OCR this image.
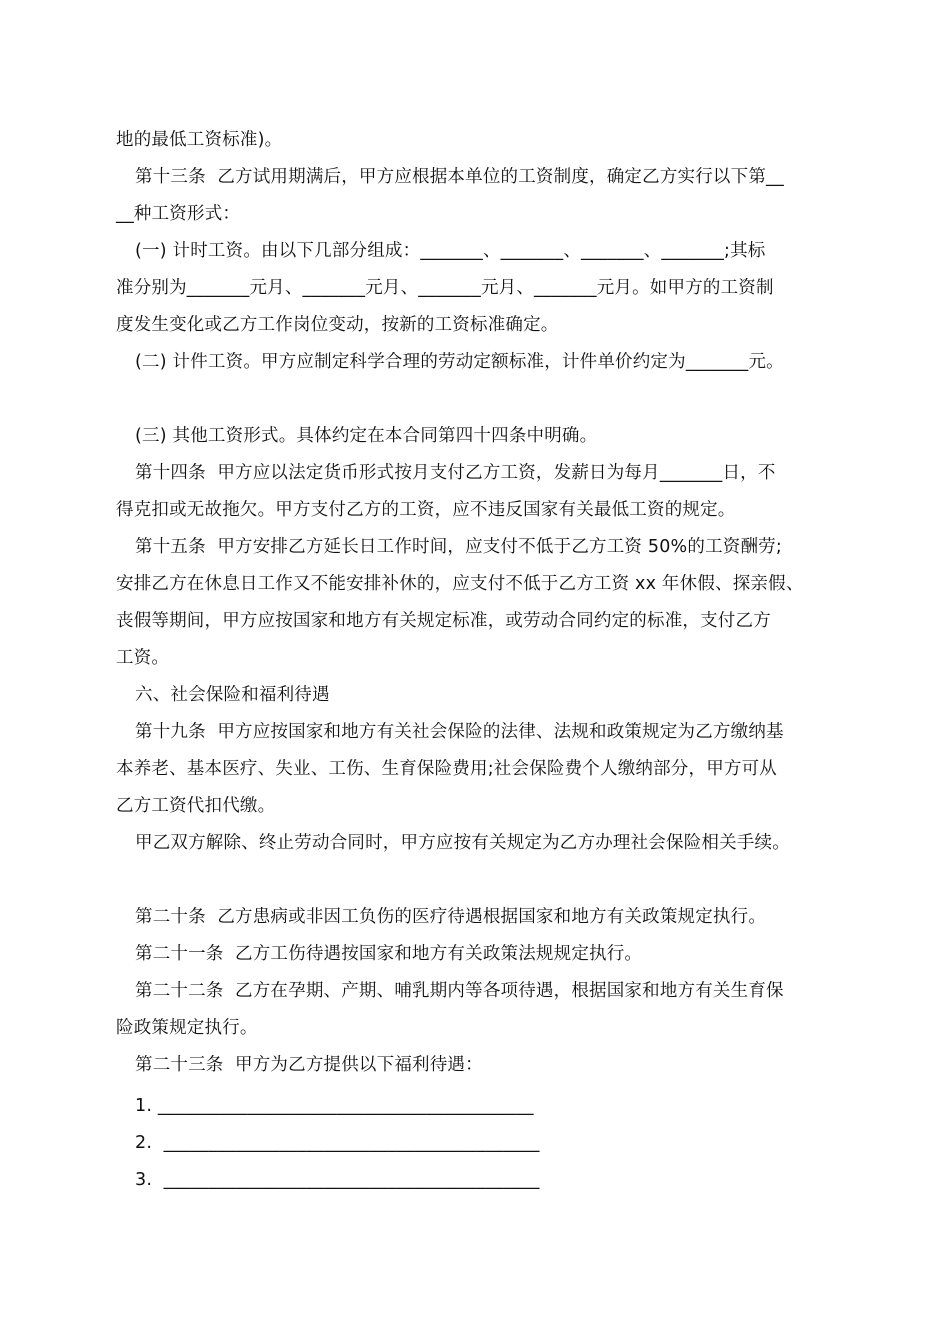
地的最低工资标准)。
第十三条  乙方试用期满后，甲方应根据本单位的工资制度，确定乙方实行以下第__
__种工资形式：
(一) 计时工资。由以下几部分组成：_______、_______、_______、_______;其标
准分别为_______元月、_______元月、_______元月、_______元月。如甲方的工资制
度发生变化或乙方工作岗位变动，按新的工资标准确定。
(二) 计件工资。甲方应制定科学合理的劳动定额标准，计件单价约定为_______元。
(三) 其他工资形式。具体约定在本合同第四十四条中明确。
第十四条  甲方应以法定货币形式按月支付乙方工资，发薪日为每月_______日，不
得克扣或无故拖欠。甲方支付乙方的工资，应不违反国家有关最低工资的规定。
第十五条  甲方安排乙方延长日工作时间，应支付不低于乙方工资 50%的工资酬劳;
安排乙方在休息日工作又不能安排补休的，应支付不低于乙方工资 xx 年休假、探亲假、
丧假等期间，甲方应按国家和地方有关规定标准，或劳动合同约定的标准，支付乙方
工资。
六、社会保险和福利待遇
第十九条  甲方应按国家和地方有关社会保险的法律、法规和政策规定为乙方缴纳基
本养老、基本医疗、失业、工伤、生育保险费用;社会保险费个人缴纳部分，甲方可从
乙方工资代扣代缴。
甲乙双方解除、终止劳动合同时，甲方应按有关规定为乙方办理社会保险相关手续。
第二十条  乙方患病或非因工负伤的医疗待遇根据国家和地方有关政策规定执行。
第二十一条  乙方工伤待遇按国家和地方有关政策法规规定执行。
第二十二条  乙方在孕期、产期、哺乳期内等各项待遇，根据国家和地方有关生育保
险政策规定执行。
第二十三条  甲方为乙方提供以下福利待遇：
1. __________________________________________
2.  __________________________________________
3.  __________________________________________
